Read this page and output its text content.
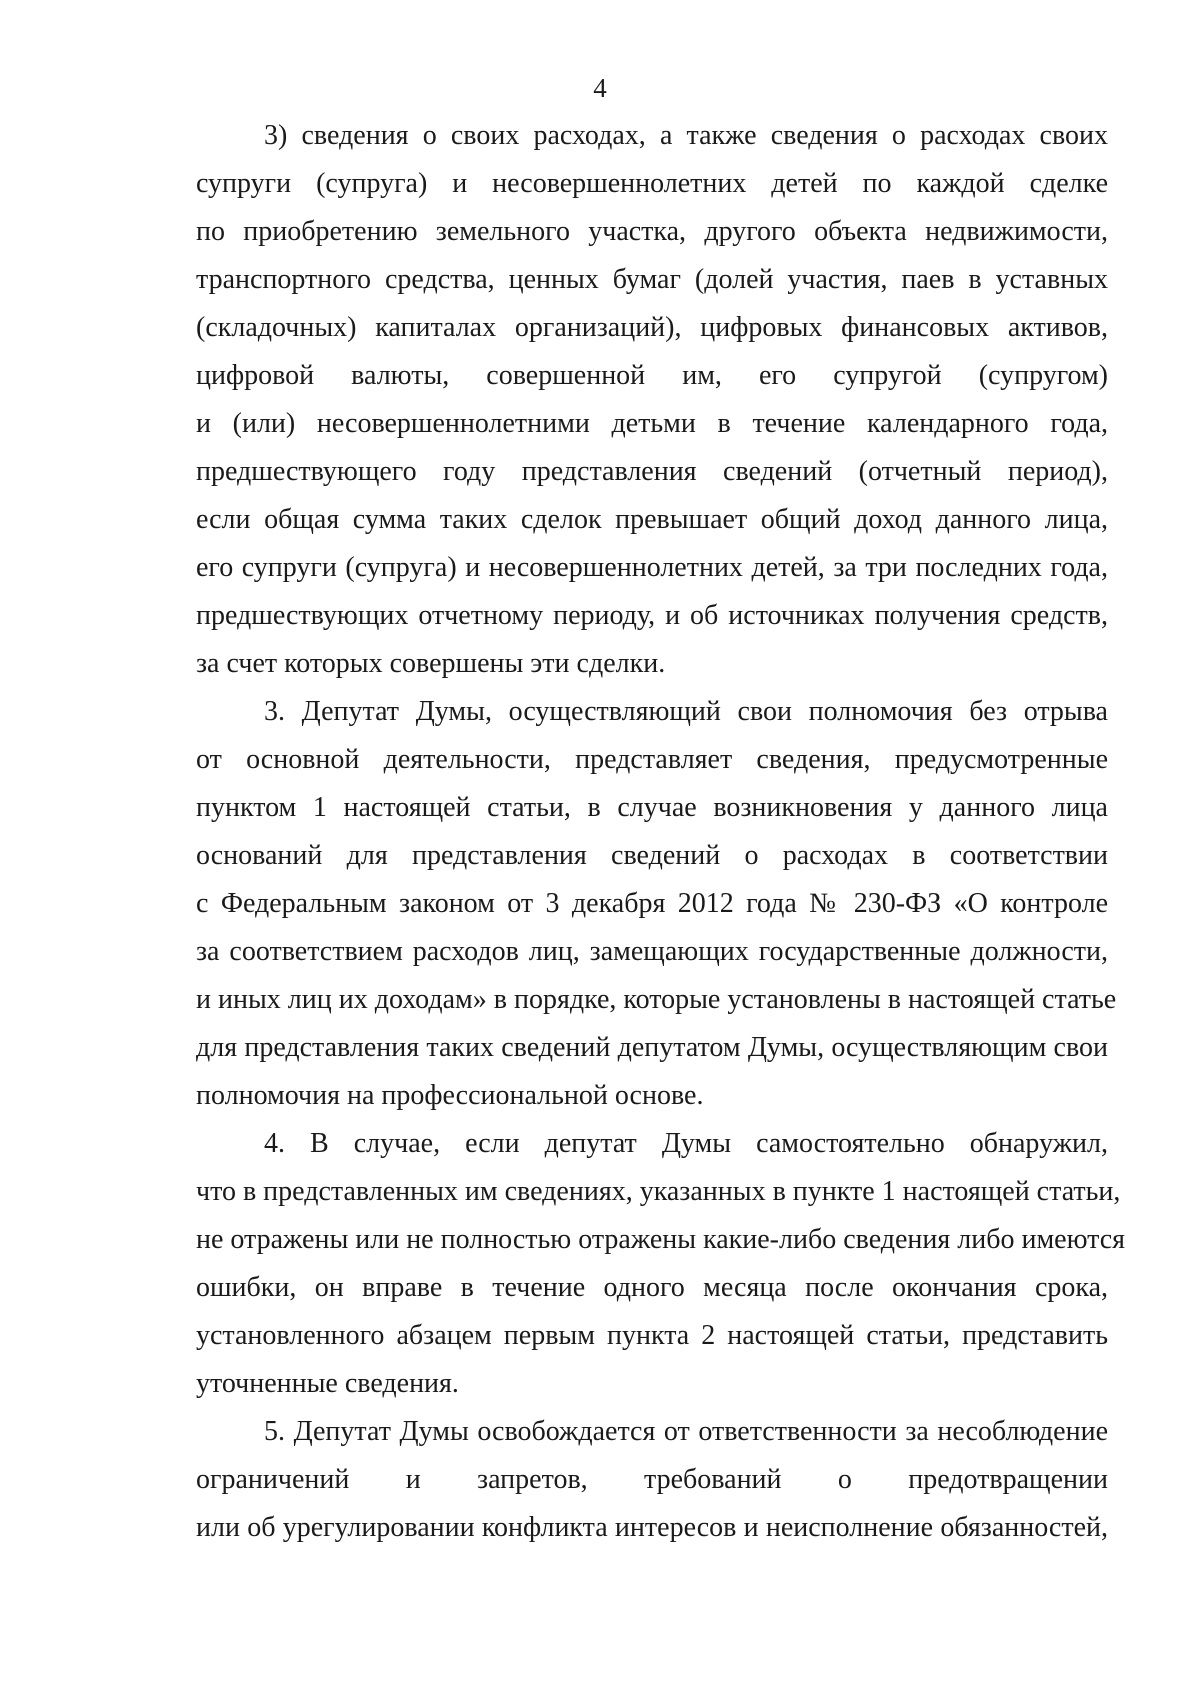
4
3) сведения о своих расходах, а также сведения о расходах своих
супруги (супруга) и несовершеннолетних детей по каждой сделке
по приобретению земельного участка, другого объекта недвижимости,
транспортного средства, ценных бумаг (долей участия, паев в уставных
(складочных) капиталах организаций), цифровых финансовых активов,
цифровой валюты, совершенной им, его супругой (супругом)
и (или) несовершеннолетними детьми в течение календарного года,
предшествующего году представления сведений (отчетный период),
если общая сумма таких сделок превышает общий доход данного лица,
его супруги (супруга) и несовершеннолетних детей, за три последних года,
предшествующих отчетному периоду, и об источниках получения средств,
за счет которых совершены эти сделки.
3. Депутат Думы, осуществляющий свои полномочия без отрыва
от основной деятельности, представляет сведения, предусмотренные
пунктом 1 настоящей статьи, в случае возникновения у данного лица
оснований для представления сведений о расходах в соответствии
с Федеральным законом от 3 декабря 2012 года № 230-ФЗ «О контроле
за соответствием расходов лиц, замещающих государственные должности,
и иных лиц их доходам» в порядке, которые установлены в настоящей статье
для представления таких сведений депутатом Думы, осуществляющим свои
полномочия на профессиональной основе.
4. В случае, если депутат Думы самостоятельно обнаружил,
что в представленных им сведениях, указанных в пункте 1 настоящей статьи,
не отражены или не полностью отражены какие-либо сведения либо имеются
ошибки, он вправе в течение одного месяца после окончания срока,
установленного абзацем первым пункта 2 настоящей статьи, представить
уточненные сведения.
5. Депутат Думы освобождается от ответственности за несоблюдение
ограничений и запретов, требований о предотвращении
или об урегулировании конфликта интересов и неисполнение обязанностей,
